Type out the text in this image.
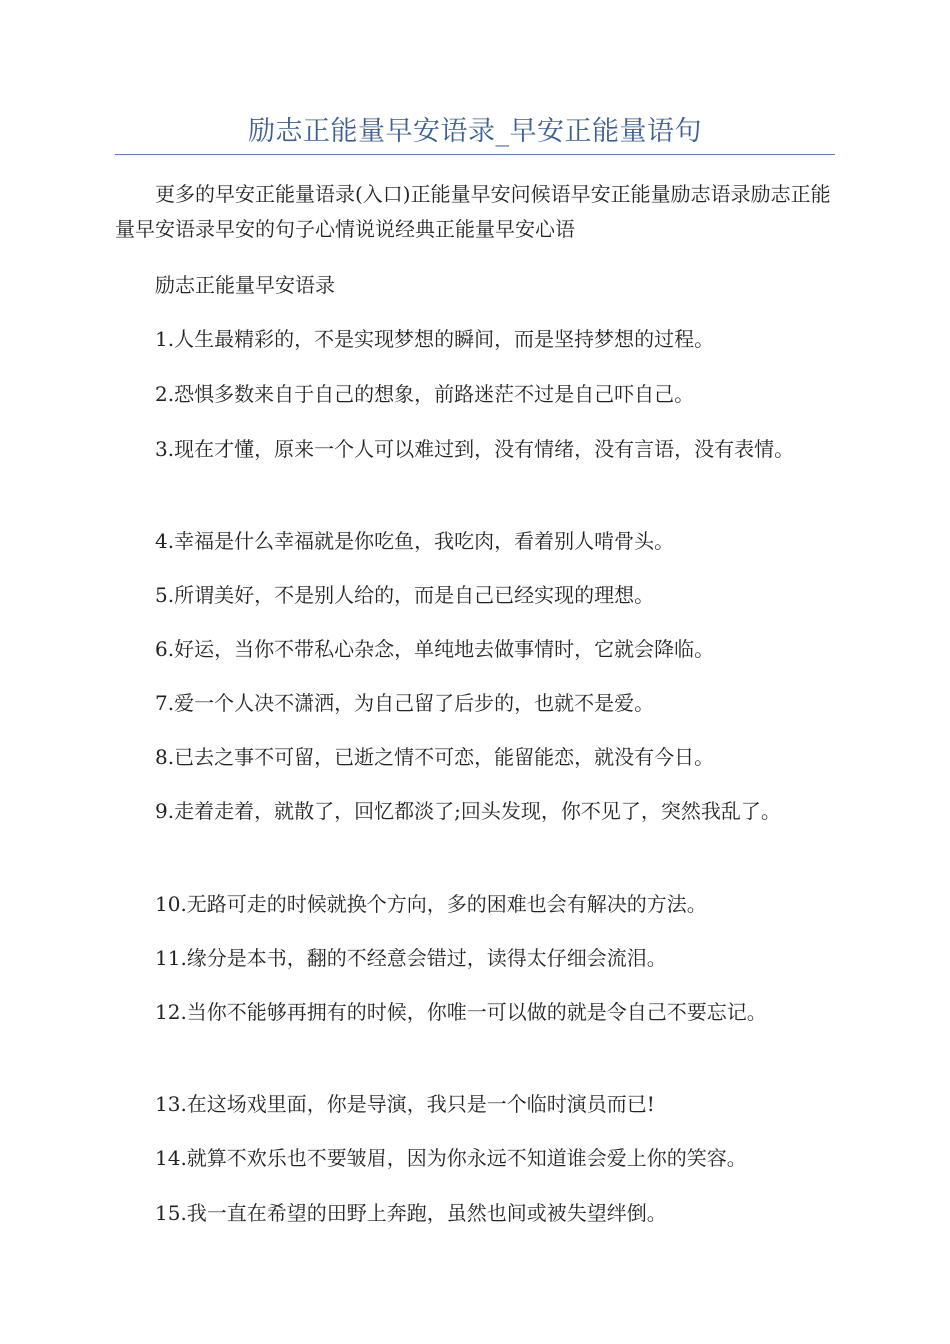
励志正能量早安语录_早安正能量语句

更多的早安正能量语录(入口)正能量早安问候语早安正能量励志语录励志正能量早安语录早安的句子心情说说经典正能量早安心语

励志正能量早安语录

1.人生最精彩的，不是实现梦想的瞬间，而是坚持梦想的过程。

2.恐惧多数来自于自己的想象，前路迷茫不过是自己吓自己。

3.现在才懂，原来一个人可以难过到，没有情绪，没有言语，没有表情。

4.幸福是什么幸福就是你吃鱼，我吃肉，看着别人啃骨头。

5.所谓美好，不是别人给的，而是自己已经实现的理想。

6.好运，当你不带私心杂念，单纯地去做事情时，它就会降临。

7.爱一个人决不潇洒，为自己留了后步的，也就不是爱。

8.已去之事不可留，已逝之情不可恋，能留能恋，就没有今日。

9.走着走着，就散了，回忆都淡了;回头发现，你不见了，突然我乱了。

10.无路可走的时候就换个方向，多的困难也会有解决的方法。

11.缘分是本书，翻的不经意会错过，读得太仔细会流泪。

12.当你不能够再拥有的时候，你唯一可以做的就是令自己不要忘记。

13.在这场戏里面，你是导演，我只是一个临时演员而已!

14.就算不欢乐也不要皱眉，因为你永远不知道谁会爱上你的笑容。

15.我一直在希望的田野上奔跑，虽然也间或被失望绊倒。
